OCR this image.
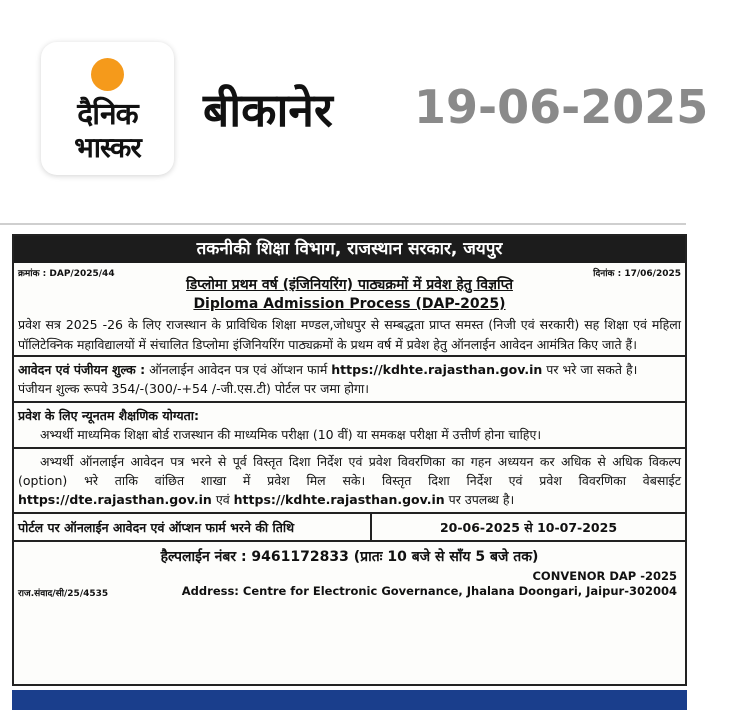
दैनिक
भास्कर
बीकानेर 19-06-2025
तकनीकी शिक्षा विभाग, राजस्थान सरकार, जयपुर
क्रमांक : DAP/2025/44	दिनांक : 17/06/2025
डिप्लोमा प्रथम वर्ष (इंजिनियरिंग) पाठ्यक्रमों में प्रवेश हेतु विज्ञप्ति
Diploma Admission Process (DAP-2025)
प्रवेश सत्र 2025 -26 के लिए राजस्थान के प्राविधिक शिक्षा मण्डल,जोधपुर से सम्बद्धता प्राप्त समस्त (निजी एवं सरकारी) सह शिक्षा एवं महिला पॉलिटेक्निक महाविद्यालयों में संचालित डिप्लोमा इंजिनियरिंग पाठ्यक्रमों के प्रथम वर्ष में प्रवेश हेतु ऑनलाईन आवेदन आमंत्रित किए जाते हैं।
आवेदन एवं पंजीयन शुल्क : ऑनलाईन आवेदन पत्र एवं ऑप्शन फार्म https://kdhte.rajasthan.gov.in पर भरे जा सकते है।
पंजीयन शुल्क रूपये 354/-(300/-+54 /-जी.एस.टी) पोर्टल पर जमा होगा।
प्रवेश के लिए न्यूनतम शैक्षणिक योग्यता:

अभ्यर्थी माध्यमिक शिक्षा बोर्ड राजस्थान की माध्यमिक परीक्षा (10 वीं) या समकक्ष परीक्षा में उत्तीर्ण होना चाहिए।
अभ्यर्थी ऑनलाईन आवेदन पत्र भरने से पूर्व विस्तृत दिशा निर्देश एवं प्रवेश विवरणिका का गहन अध्ययन कर अधिक से अधिक विकल्प (option) भरे ताकि वांछित शाखा में प्रवेश मिल सके। विस्तृत दिशा निर्देश एवं प्रवेश विवरणिका वेबसाईट https://dte.rajasthan.gov.in एवं https://kdhte.rajasthan.gov.in पर उपलब्ध है।
पोर्टल पर ऑनलाईन आवेदन एवं ऑप्शन फार्म भरने की तिथि	20-06-2025 से 10-07-2025
हैल्पलाईन नंबर : 9461172833 (प्रातः 10 बजे से साँय 5 बजे तक)
CONVENOR DAP -2025
राज.संवाद/सी/25/4535	Address: Centre for Electronic Governance, Jhalana Doongari, Jaipur-302004
